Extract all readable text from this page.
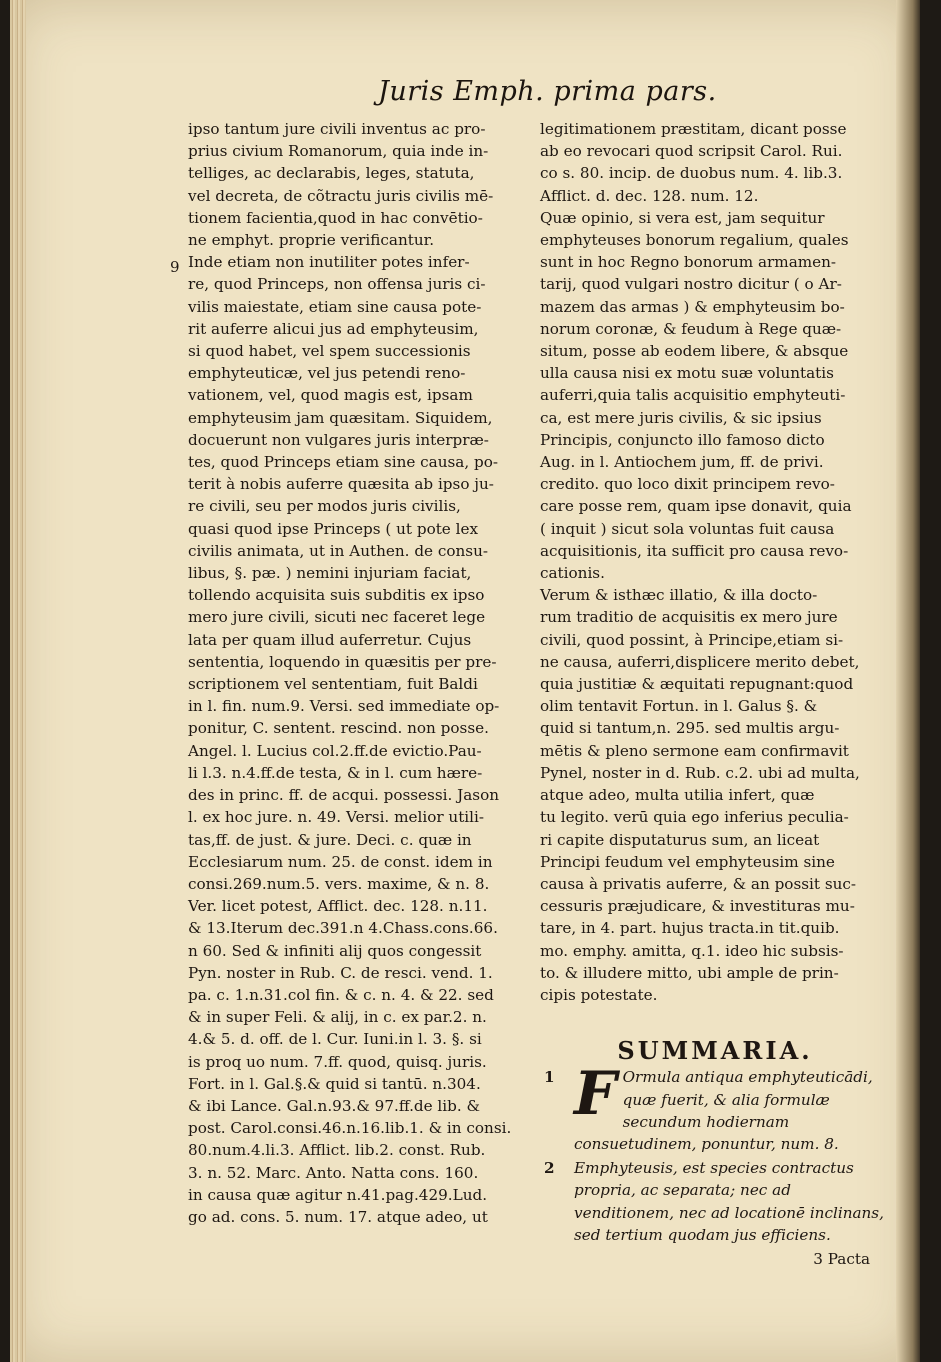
Juris Emph. prima pars.
9

ipso tantum jure civili inventus ac pro-

prius civium Romanorum, quia inde in-

telliges, ac declarabis, leges, statuta,

vel decreta, de cõtractu juris civilis mē-

tionem facientia,quod in hac convētio-

ne emphyt. proprie verificantur.

Inde etiam non inutiliter potes infer-

re, quod Princeps, non offensa juris ci-

vilis maiestate, etiam sine causa pote-

rit auferre alicui jus ad emphyteusim,

si quod habet, vel spem successionis

emphyteuticæ, vel jus petendi reno-

vationem, vel, quod magis est, ipsam

emphyteusim jam quæsitam. Siquidem,

docuerunt non vulgares juris interpræ-

tes, quod Princeps etiam sine causa, po-

terit à nobis auferre quæsita ab ipso ju-

re civili, seu per modos juris civilis,

quasi quod ipse Princeps ( ut pote lex

civilis animata, ut in Authen. de consu-

libus, §. pæ. ) nemini injuriam faciat,

tollendo acquisita suis subditis ex ipso

mero jure civili, sicuti nec faceret lege

lata per quam illud auferretur. Cujus

sententia, loquendo in quæsitis per pre-

scriptionem vel sententiam, fuit Baldi

in l. fin. num.9. Versi. sed immediate op-

ponitur, C. sentent. rescind. non posse.

Angel. l. Lucius col.2.ff.de evictio.Pau-

li l.3. n.4.ff.de testa, & in l. cum hære-

des in princ. ff. de acqui. possessi. Jason

l. ex hoc jure. n. 49. Versi. melior utili-

tas,ff. de just. & jure. Deci. c. quæ in

Ecclesiarum num. 25. de const. idem in

consi.269.num.5. vers. maxime, & n. 8.

Ver. licet potest, Afflict. dec. 128. n.11.

& 13.Iterum dec.391.n 4.Chass.cons.66.

n 60. Sed & infiniti alij quos congessit

Pyn. noster in Rub. C. de resci. vend. 1.

pa. c. 1.n.31.col fin. & c. n. 4. & 22. sed

& in super Feli. & alij, in c. ex par.2. n.

4.& 5. d. off. de l. Cur. Iuni.in l. 3. §. si

is proq uo num. 7.ff. quod, quisq. juris.

Fort. in l. Gal.§.& quid si tantū. n.304.

& ibi Lance. Gal.n.93.& 97.ff.de lib. &

post. Carol.consi.46.n.16.lib.1. & in consi.

80.num.4.li.3. Afflict. lib.2. const. Rub.

3. n. 52. Marc. Anto. Natta cons. 160.

in causa quæ agitur n.41.pag.429.Lud.

go ad. cons. 5. num. 17. atque adeo, ut

legitimationem præstitam, dicant posse

ab eo revocari quod scripsit Carol. Rui.

co s. 80. incip. de duobus num. 4. lib.3.

Afflict. d. dec. 128. num. 12.

Quæ opinio, si vera est, jam sequitur

emphyteuses bonorum regalium, quales

sunt in hoc Regno bonorum armamen-

tarij, quod vulgari nostro dicitur ( o Ar-

mazem das armas ) & emphyteusim bo-

norum coronæ, & feudum à Rege quæ-

situm, posse ab eodem libere, & absque

ulla causa nisi ex motu suæ voluntatis

auferri,quia talis acquisitio emphyteuti-

ca, est mere juris civilis, & sic ipsius

Principis, conjuncto illo famoso dicto

Aug. in l. Antiochem jum, ff. de privi.

credito. quo loco dixit principem revo-

care posse rem, quam ipse donavit, quia

( inquit ) sicut sola voluntas fuit causa

acquisitionis, ita sufficit pro causa revo-

cationis.

Verum & isthæc illatio, & illa docto-

rum traditio de acquisitis ex mero jure

civili, quod possint, à Principe,etiam si-

ne causa, auferri,displicere merito debet,

quia justitiæ & æquitati repugnant:quod

olim tentavit Fortun. in l. Galus §. &

quid si tantum,n. 295. sed multis argu-

mētis & pleno sermone eam confirmavit

Pynel, noster in d. Rub. c.2. ubi ad multa,

atque adeo, multa utilia infert, quæ

tu legito. verū quia ego inferius peculia-

ri capite disputaturus sum, an liceat

Principi feudum vel emphyteusim sine

causa à privatis auferre, & an possit suc-

cessuris præjudicare, & investituras mu-

tare, in 4. part. hujus tracta.in tit.quib.

mo. emphy. amitta, q.1. ideo hic subsis-

to. & illudere mitto, ubi ample de prin-

cipis potestate.

SUMMARIA.
1 F Ormula antiqua emphyteuticādi, quæ fuerit, & alia formulæ secundum hodiernam consuetudinem, ponuntur, num. 8.
2 Emphyteusis, est species contractus propria, ac separata; nec ad venditionem, nec ad locationē inclinans, sed tertium quodam jus efficiens.
3 Pacta
